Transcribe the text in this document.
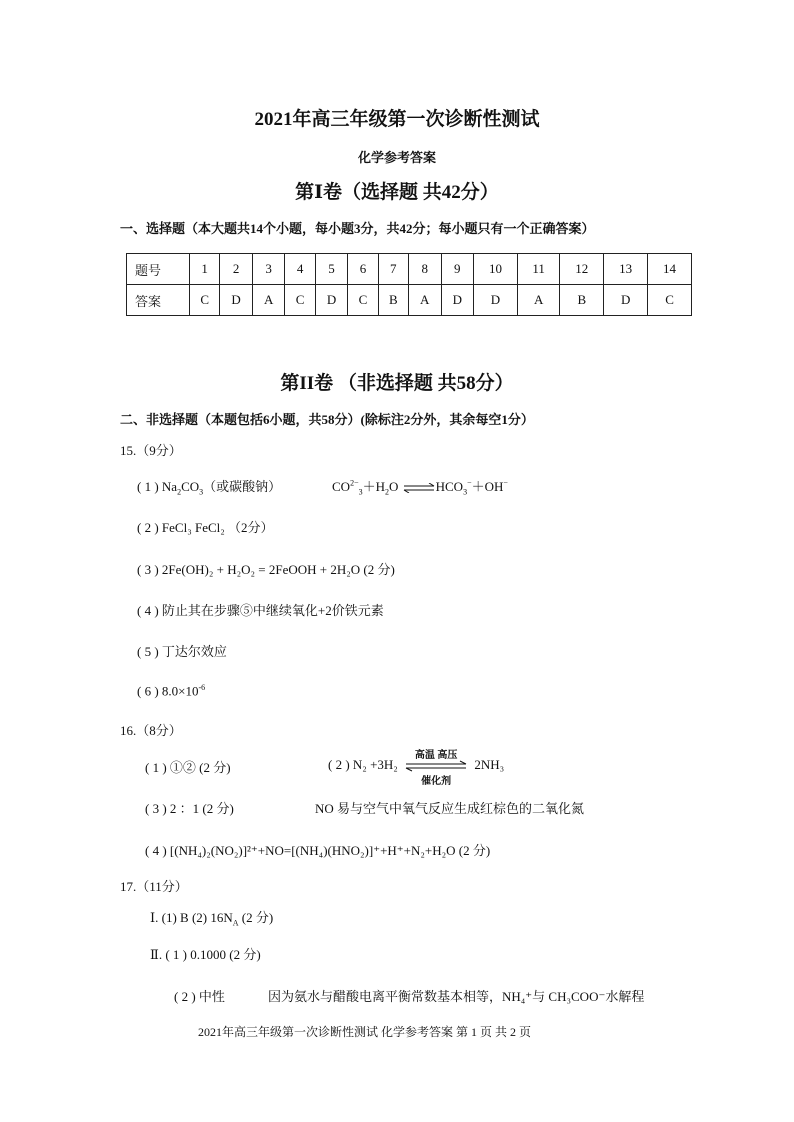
2021年高三年级第一次诊断性测试
化学参考答案
第Ⅰ卷（选择题 共42分）
一、选择题（本大题共14个小题，每小题3分，共42分；每小题只有一个正确答案）
题号	1	2	3	4	5	6	7	8	9	10	11	12	13	14
答案	C	D	A	C	D	C	B	A	D	D	A	B	D	C
第II卷 （非选择题 共58分）
二、非选择题（本题包括6小题，共58分）(除标注2分外，其余每空1分）
15.（9分）
( 1 ) $Na_2CO_3$（或碳酸钠）	$CO^{2-}_3+H_2O$ $\rightleftharpoons HCO_3^-+OH^-$
( 2 ) FeCl₃ FeCl₂ （2分）
( 3 ) 2Fe(OH)₂ + H₂O₂ = 2FeOOH + 2H₂O (2 分)
( 4 ) 防止其在步骤⑤中继续氧化+2价铁元素
( 5 ) 丁达尔效应
( 6 ) $8.0\times 10^{-6}$
16.（8分）
( 1 ) ①② (2 分)	( 2 ) N₂ +3H₂
高温 高压
催化剂
2NH₃
( 3 ) 2 ：1 (2 分)	NO 易与空气中氧气反应生成红棕色的二氧化氮
( 4 ) [(NH₄)₂(NO₂)]²⁺+NO=[(NH₄)(HNO₂)]⁺+H⁺+N₂+H₂O (2 分)
17.（11分）
Ⅰ. (1) B (2) $16N_A$ (2 分)
Ⅱ. ( 1 ) 0.1000 (2 分)
( 2 ) 中性	因为氨水与醋酸电离平衡常数基本相等，NH₄⁺与 CH₃COO⁻水解程
2021年高三年级第一次诊断性测试 化学参考答案 第 1 页 共 2 页
